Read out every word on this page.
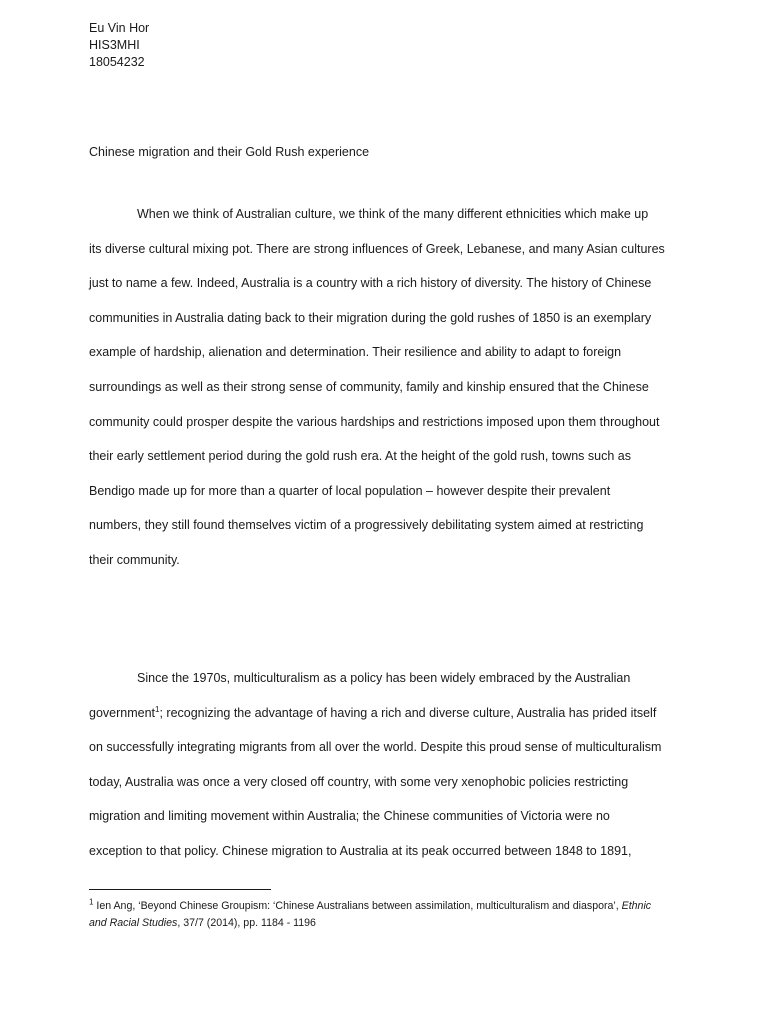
Eu Vin Hor
HIS3MHI
18054232
Chinese migration and their Gold Rush experience
When we think of Australian culture, we think of the many different ethnicities which make up
its diverse cultural mixing pot. There are strong influences of Greek, Lebanese, and many Asian cultures
just to name a few. Indeed, Australia is a country with a rich history of diversity. The history of Chinese
communities in Australia dating back to their migration during the gold rushes of 1850 is an exemplary
example of hardship, alienation and determination. Their resilience and ability to adapt to foreign
surroundings as well as their strong sense of community, family and kinship ensured that the Chinese
community could prosper despite the various hardships and restrictions imposed upon them throughout
their early settlement period during the gold rush era. At the height of the gold rush, towns such as
Bendigo made up for more than a quarter of local population – however despite their prevalent
numbers, they still found themselves victim of a progressively debilitating system aimed at restricting
their community.
Since the 1970s, multiculturalism as a policy has been widely embraced by the Australian
government$^1$; recognizing the advantage of having a rich and diverse culture, Australia has prided itself
on successfully integrating migrants from all over the world. Despite this proud sense of multiculturalism
today, Australia was once a very closed off country, with some very xenophobic policies restricting
migration and limiting movement within Australia; the Chinese communities of Victoria were no
exception to that policy. Chinese migration to Australia at its peak occurred between 1848 to 1891,
$^1$ Ien Ang, ‘Beyond Chinese Groupism: ‘Chinese Australians between assimilation, multiculturalism and diaspora’, Ethnic
and Racial Studies, 37/7 (2014), pp. 1184 - 1196
